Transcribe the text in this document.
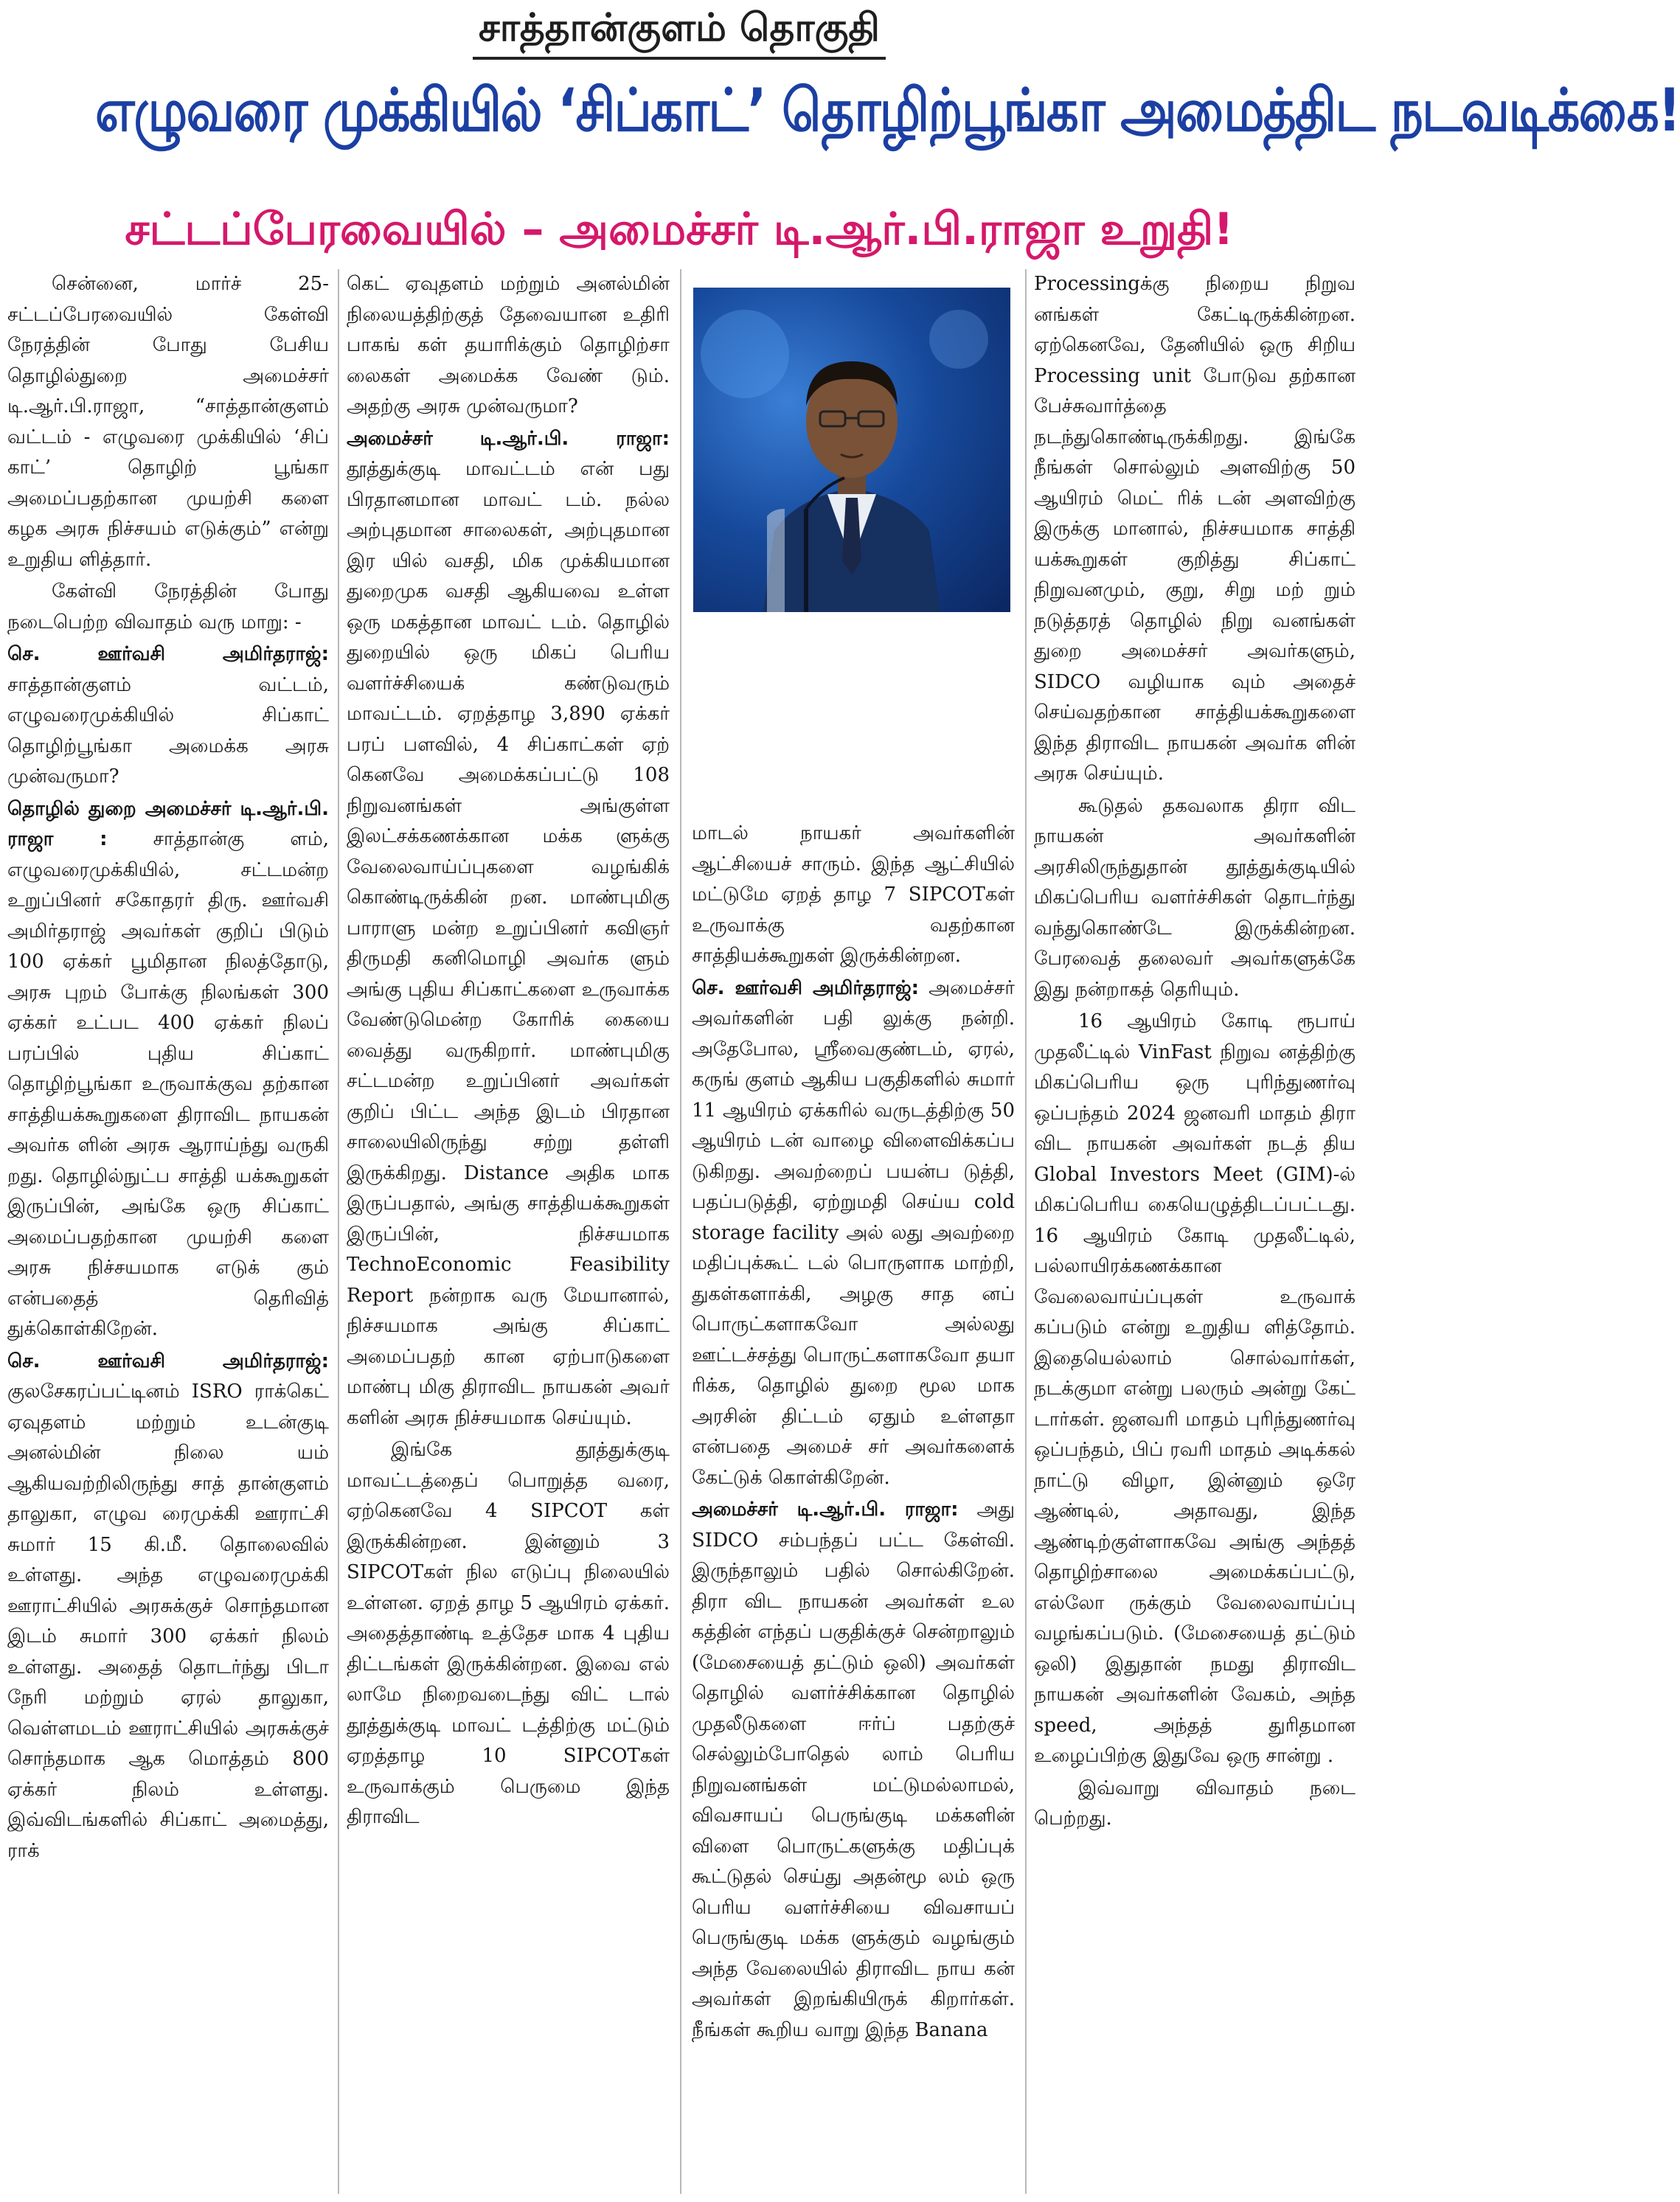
சாத்தான்குளம் தொகுதி
எழுவரை முக்கியில் ‘சிப்காட்’ தொழிற்பூங்கா அமைத்திட நடவடிக்கை!
சட்டப்பேரவையில் – அமைச்சர் டி.ஆர்.பி.ராஜா உறுதி!

சென்னை, மார்ச் 25- சட்டப்பேரவையில் கேள்வி நேரத்தின் போது பேசிய தொழில்துறை அமைச்சர் டி.ஆர்.பி.ராஜா, “சாத்தான்குளம் வட்டம் - எழுவரை முக்கியில் ‘சிப் காட்’ தொழிற் பூங்கா அமைப்பதற்கான முயற்சி களை கழக அரசு நிச்சயம் எடுக்கும்” என்று உறுதிய ளித்தார்.

கேள்வி நேரத்தின் போது நடைபெற்ற விவாதம் வரு மாறு: -

செ. ஊர்வசி அமிர்தராஜ்: சாத்தான்குளம் வட்டம், எழுவரைமுக்கியில் சிப்காட் தொழிற்பூங்கா அமைக்க அரசு முன்வருமா?

தொழில் துறை அமைச்சர் டி.ஆர்.பி. ராஜா : சாத்தான்கு ளம், எழுவரைமுக்கியில், சட்டமன்ற உறுப்பினர் சகோதரர் திரு. ஊர்வசி அமிர்தராஜ் அவர்கள் குறிப் பிடும் 100 ஏக்கர் பூமிதான நிலத்தோடு, அரசு புறம் போக்கு நிலங்கள் 300 ஏக்கர் உட்பட 400 ஏக்கர் நிலப் பரப்பில் புதிய சிப்காட் தொழிற்பூங்கா உருவாக்குவ தற்கான சாத்தியக்கூறுகளை திராவிட நாயகன் அவர்க ளின் அரசு ஆராய்ந்து வருகி றது. தொழில்நுட்ப சாத்தி யக்கூறுகள் இருப்பின், அங்கே ஒரு சிப்காட் அமைப்பதற்கான முயற்சி களை அரசு நிச்சயமாக எடுக் கும் என்பதைத் தெரிவித் துக்கொள்கிறேன்.

செ. ஊர்வசி அமிர்தராஜ்: குலசேகரப்பட்டினம் ISRO ராக்கெட் ஏவுதளம் மற்றும் உடன்குடி அனல்மின் நிலை யம் ஆகியவற்றிலிருந்து சாத் தான்குளம் தாலுகா, எழுவ ரைமுக்கி ஊராட்சி சுமார் 15 கி.மீ. தொலைவில் உள்ளது. அந்த எழுவரைமுக்கி ஊராட்சியில் அரசுக்குச் சொந்தமான இடம் சுமார் 300 ஏக்கர் நிலம் உள்ளது. அதைத் தொடர்ந்து பிடா நேரி மற்றும் ஏரல் தாலுகா, வெள்ளமடம் ஊராட்சியில் அரசுக்குச் சொந்தமாக ஆக மொத்தம் 800 ஏக்கர் நிலம் உள்ளது. இவ்விடங்களில் சிப்காட் அமைத்து, ராக்

கெட் ஏவுதளம் மற்றும் அனல்மின் நிலையத்திற்குத் தேவையான உதிரி பாகங் கள் தயாரிக்கும் தொழிற்சா லைகள் அமைக்க வேண் டும். அதற்கு அரசு முன்வருமா?

அமைச்சர் டி.ஆர்.பி. ராஜா: தூத்துக்குடி மாவட்டம் என் பது பிரதானமான மாவட் டம். நல்ல அற்புதமான சாலைகள், அற்புதமான இர யில் வசதி, மிக முக்கியமான துறைமுக வசதி ஆகியவை உள்ள ஒரு மகத்தான மாவட் டம். தொழில் துறையில் ஒரு மிகப் பெரிய வளர்ச்சியைக் கண்டுவரும் மாவட்டம். ஏறத்தாழ 3,890 ஏக்கர் பரப் பளவில், 4 சிப்காட்கள் ஏற் கெனவே அமைக்கப்பட்டு 108 நிறுவனங்கள் அங்குள்ள இலட்சக்கணக்கான மக்க ளுக்கு வேலைவாய்ப்புகளை வழங்கிக் கொண்டிருக்கின் றன. மாண்புமிகு பாராளு மன்ற உறுப்பினர் கவிஞர் திருமதி கனிமொழி அவர்க ளும் அங்கு புதிய சிப்காட்களை உருவாக்க வேண்டுமென்ற கோரிக் கையை வைத்து வருகிறார். மாண்புமிகு சட்டமன்ற உறுப்பினர் அவர்கள் குறிப் பிட்ட அந்த இடம் பிரதான சாலையிலிருந்து சற்று தள்ளி இருக்கிறது. Distance அதிக மாக இருப்பதால், அங்கு சாத்தியக்கூறுகள் இருப்பின், நிச்சயமாக TechnoEconomic Feasibility Report நன்றாக வரு மேயானால், நிச்சயமாக அங்கு சிப்காட் அமைப்பதற் கான ஏற்பாடுகளை மாண்பு மிகு திராவிட நாயகன் அவர் களின் அரசு நிச்சயமாக செய்யும்.

இங்கே தூத்துக்குடி மாவட்டத்தைப் பொறுத்த வரை, ஏற்கெனவே 4 SIPCOT கள் இருக்கின்றன. இன்னும் 3 SIPCOTகள் நில எடுப்பு நிலையில் உள்ளன. ஏறத் தாழ 5 ஆயிரம் ஏக்கர். அதைத்தாண்டி உத்தேச மாக 4 புதிய திட்டங்கள் இருக்கின்றன. இவை எல் லாமே நிறைவடைந்து விட் டால் தூத்துக்குடி மாவட் டத்திற்கு மட்டும் ஏறத்தாழ 10 SIPCOTகள் உருவாக்கும் பெருமை இந்த திராவிட

மாடல் நாயகர் அவர்களின் ஆட்சியைச் சாரும். இந்த ஆட்சியில் மட்டுமே ஏறத் தாழ 7 SIPCOTகள் உருவாக்கு வதற்கான சாத்தியக்கூறுகள் இருக்கின்றன.

செ. ஊர்வசி அமிர்தராஜ்: அமைச்சர் அவர்களின் பதி லுக்கு நன்றி. அதேபோல, ஸ்ரீவைகுண்டம், ஏரல், கருங் குளம் ஆகிய பகுதிகளில் சுமார் 11 ஆயிரம் ஏக்கரில் வருடத்திற்கு 50 ஆயிரம் டன் வாழை விளைவிக்கப்ப டுகிறது. அவற்றைப் பயன்ப டுத்தி, பதப்படுத்தி, ஏற்றுமதி செய்ய cold storage facility அல் லது அவற்றை மதிப்புக்கூட் டல் பொருளாக மாற்றி, துகள்களாக்கி, அழகு சாத னப் பொருட்களாகவோ அல்லது ஊட்டச்சத்து பொருட்களாகவோ தயா ரிக்க, தொழில் துறை மூல மாக அரசின் திட்டம் ஏதும் உள்ளதா என்பதை அமைச் சர் அவர்களைக் கேட்டுக் கொள்கிறேன்.

அமைச்சர் டி.ஆர்.பி. ராஜா: அது SIDCO சம்பந்தப் பட்ட கேள்வி. இருந்தாலும் பதில் சொல்கிறேன். திரா விட நாயகன் அவர்கள் உல கத்தின் எந்தப் பகுதிக்குச் சென்றாலும் (மேசையைத் தட்டும் ஒலி) அவர்கள் தொழில் வளர்ச்சிக்கான தொழில் முதலீடுகளை ஈர்ப் பதற்குச் செல்லும்போதெல் லாம் பெரிய நிறுவனங்கள் மட்டுமல்லாமல், விவசாயப் பெருங்குடி மக்களின் விளை பொருட்களுக்கு மதிப்புக் கூட்டுதல் செய்து அதன்மூ லம் ஒரு பெரிய வளர்ச்சியை விவசாயப் பெருங்குடி மக்க ளுக்கும் வழங்கும் அந்த வேலையில் திராவிட நாய கன் அவர்கள் இறங்கியிருக் கிறார்கள். நீங்கள் கூறிய வாறு இந்த Banana

Processingக்கு நிறைய நிறுவ னங்கள் கேட்டிருக்கின்றன. ஏற்கெனவே, தேனியில் ஒரு சிறிய Processing unit போடுவ தற்கான பேச்சுவார்த்தை நடந்துகொண்டிருக்கிறது. இங்கே நீங்கள் சொல்லும் அளவிற்கு 50 ஆயிரம் மெட் ரிக் டன் அளவிற்கு இருக்கு மானால், நிச்சயமாக சாத்தி யக்கூறுகள் குறித்து சிப்காட் நிறுவனமும், குறு, சிறு மற் றும் நடுத்தரத் தொழில் நிறு வனங்கள் துறை அமைச்சர் அவர்களும், SIDCO வழியாக வும் அதைச் செய்வதற்கான சாத்தியக்கூறுகளை இந்த திராவிட நாயகன் அவர்க ளின் அரசு செய்யும்.

கூடுதல் தகவலாக திரா விட நாயகன் அவர்களின் அரசிலிருந்துதான் தூத்துக்குடியில் மிகப்பெரிய வளர்ச்சிகள் தொடர்ந்து வந்துகொண்டே இருக்கின்றன. பேரவைத் தலைவர் அவர்களுக்கே இது நன்றாகத் தெரியும்.

16 ஆயிரம் கோடி ரூபாய் முதலீட்டில் VinFast நிறுவ னத்திற்கு மிகப்பெரிய ஒரு புரிந்துணர்வு ஒப்பந்தம் 2024 ஜனவரி மாதம் திரா விட நாயகன் அவர்கள் நடத் திய Global Investors Meet (GIM)-ல் மிகப்பெரிய கையெழுத்திடப்பட்டது. 16 ஆயிரம் கோடி முதலீட்டில், பல்லாயிரக்கணக்கான வேலைவாய்ப்புகள் உருவாக் கப்படும் என்று உறுதிய ளித்தோம். இதையெல்லாம் சொல்வார்கள், நடக்குமா என்று பலரும் அன்று கேட் டார்கள். ஜனவரி மாதம் புரிந்துணர்வு ஒப்பந்தம், பிப் ரவரி மாதம் அடிக்கல் நாட்டு விழா, இன்னும் ஒரே ஆண்டில், அதாவது, இந்த ஆண்டிற்குள்ளாகவே அங்கு அந்தத் தொழிற்சாலை அமைக்கப்பட்டு, எல்லோ ருக்கும் வேலைவாய்ப்பு வழங்கப்படும். (மேசையைத் தட்டும் ஒலி) இதுதான் நமது திராவிட நாயகன் அவர்களின் வேகம், அந்த speed, அந்தத் துரிதமான உழைப்பிற்கு இதுவே ஒரு சான்று .

இவ்வாறு விவாதம் நடை பெற்றது.
